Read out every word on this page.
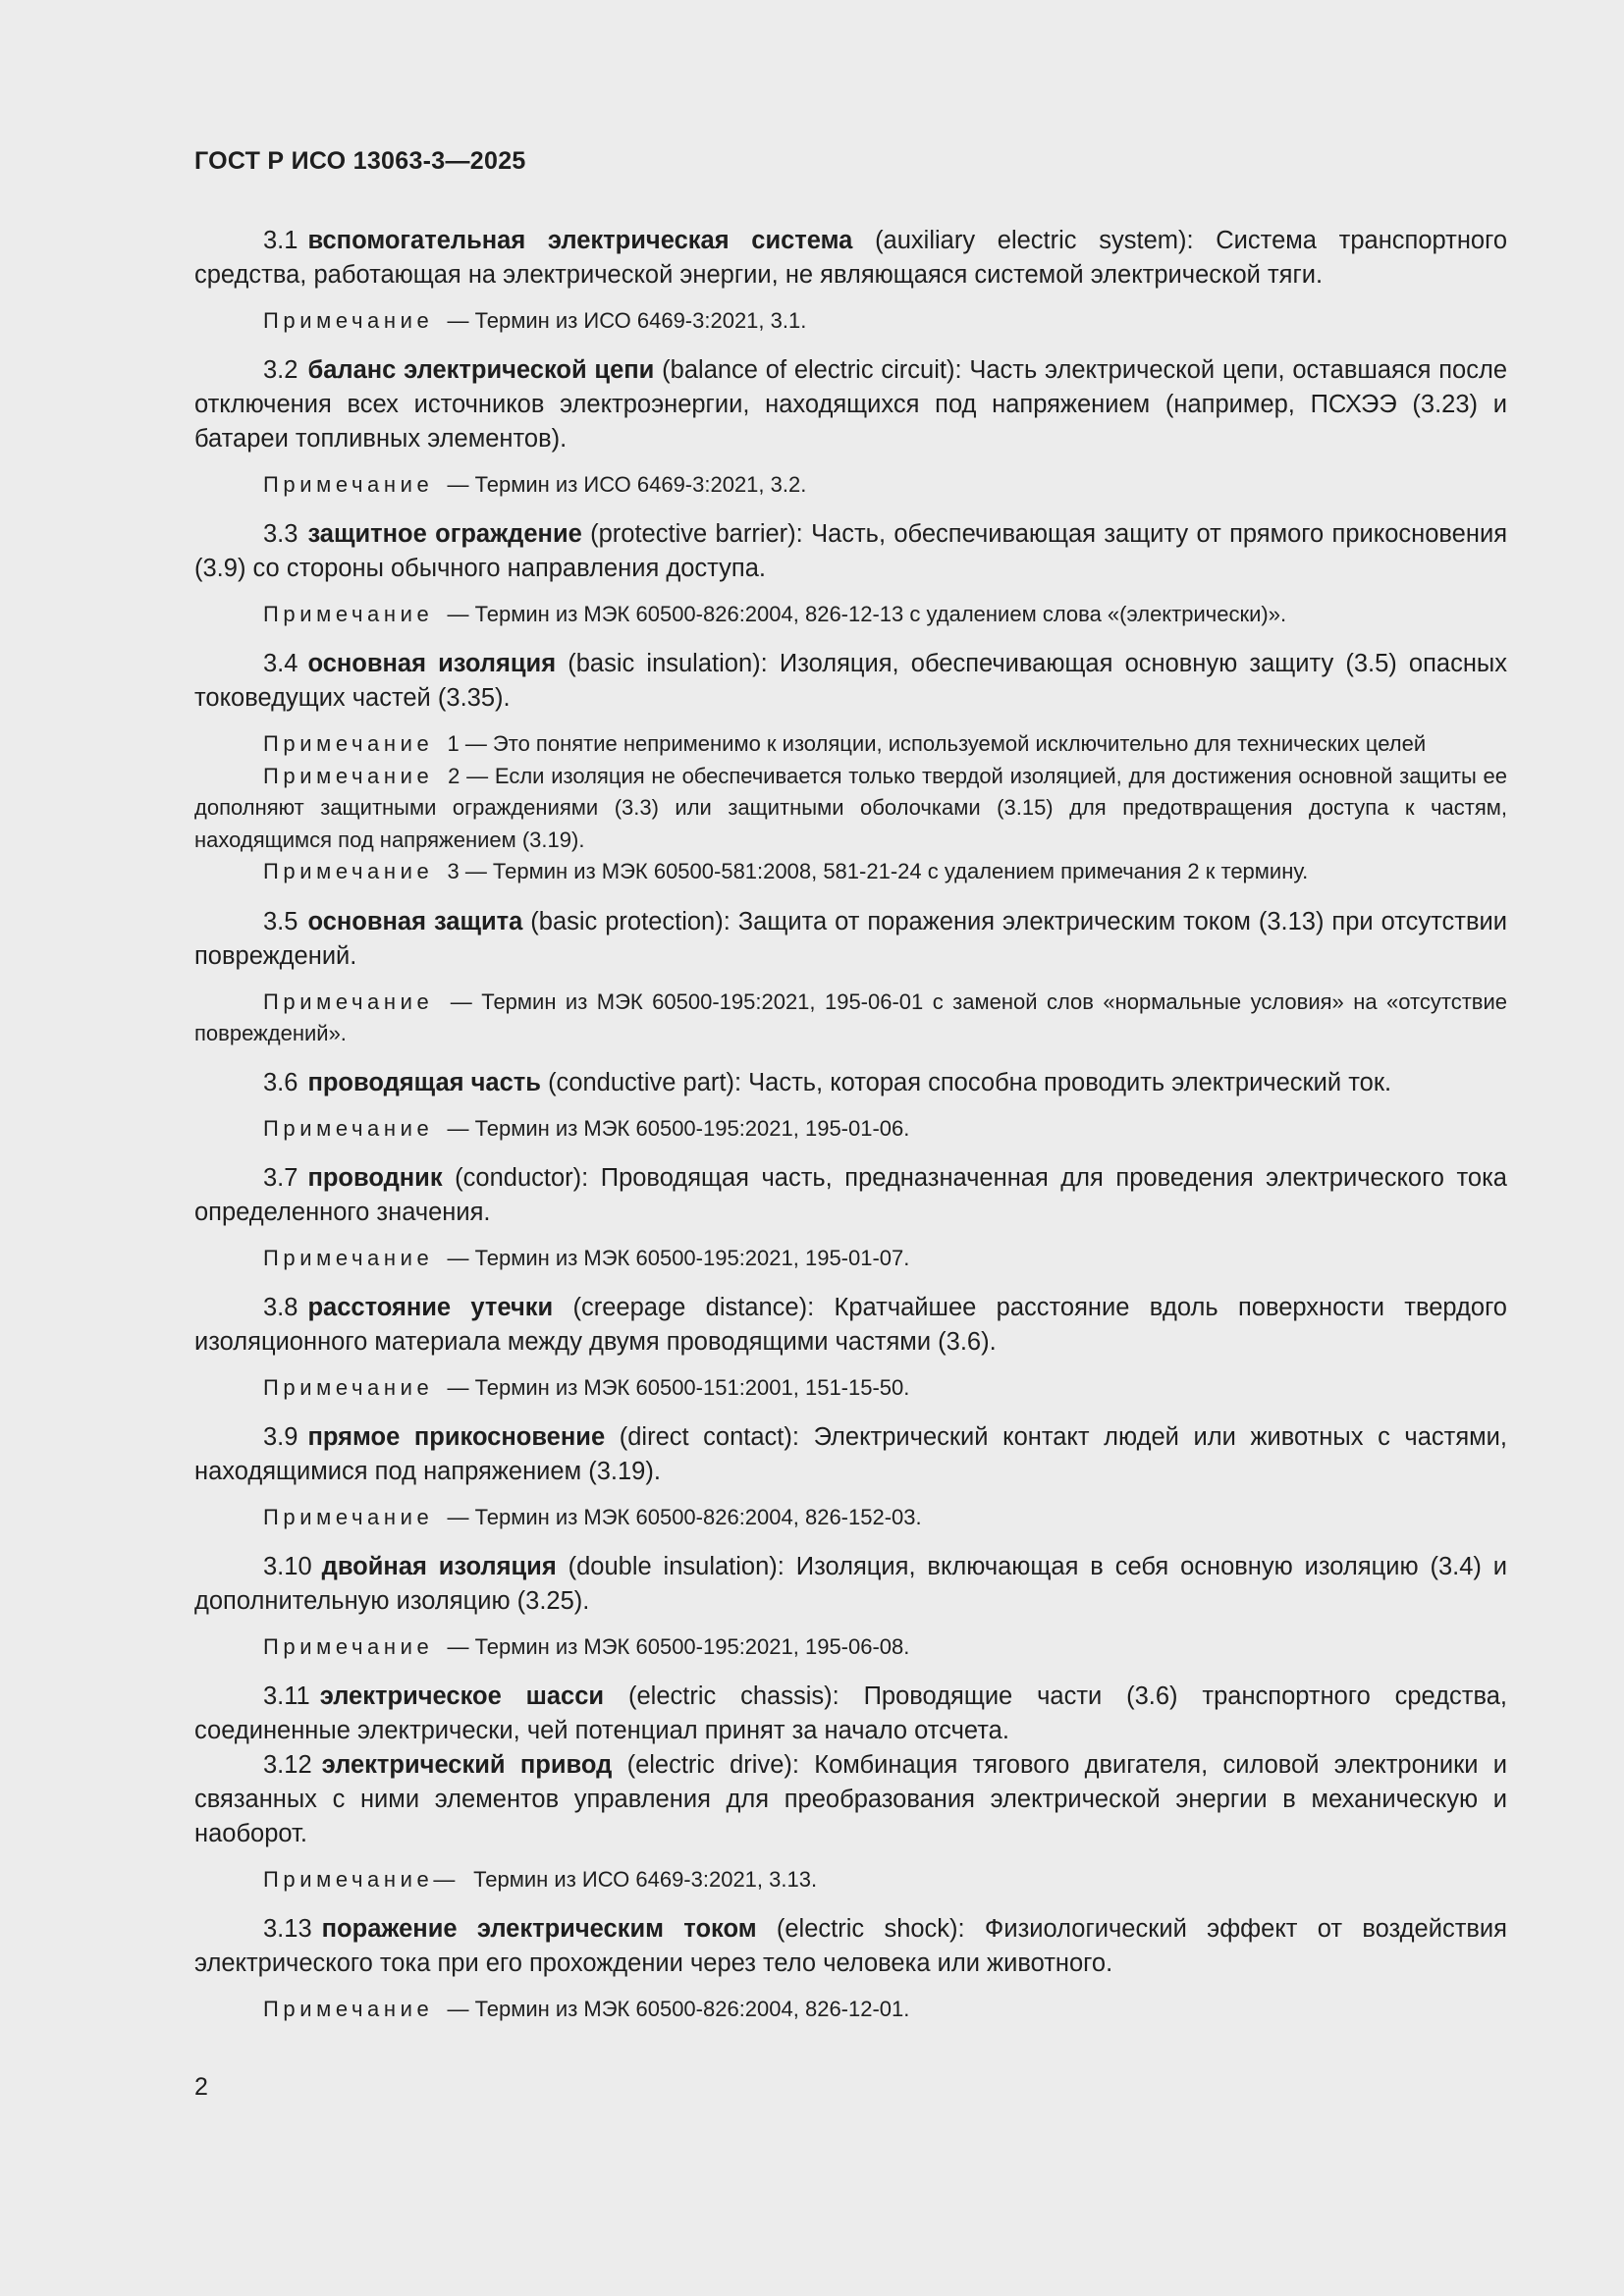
ГОСТ Р ИСО 13063-3—2025

3.1 вспомогательная электрическая система (auxiliary electric system): Система транспортного средства, работающая на электрической энергии, не являющаяся системой электрической тяги.

Примечание — Термин из ИСО 6469-3:2021, 3.1.

3.2 баланс электрической цепи (balance of electric circuit): Часть электрической цепи, оставшаяся после отключения всех источников электроэнергии, находящихся под напряжением (например, ПСХЭЭ (3.23) и батареи топливных элементов).

Примечание — Термин из ИСО 6469-3:2021, 3.2.

3.3 защитное ограждение (protective barrier): Часть, обеспечивающая защиту от прямого прикосновения (3.9) со стороны обычного направления доступа.

Примечание — Термин из МЭК 60500-826:2004, 826-12-13 с удалением слова «(электрически)».

3.4 основная изоляция (basic insulation): Изоляция, обеспечивающая основную защиту (3.5) опасных токоведущих частей (3.35).

Примечание 1 — Это понятие неприменимо к изоляции, используемой исключительно для технических целей

Примечание 2 — Если изоляция не обеспечивается только твердой изоляцией, для достижения основной защиты ее дополняют защитными ограждениями (3.3) или защитными оболочками (3.15) для предотвращения доступа к частям, находящимся под напряжением (3.19).

Примечание 3 — Термин из МЭК 60500-581:2008, 581-21-24 с удалением примечания 2 к термину.

3.5 основная защита (basic protection): Защита от поражения электрическим током (3.13) при отсутствии повреждений.

Примечание — Термин из МЭК 60500-195:2021, 195-06-01 с заменой слов «нормальные условия» на «отсутствие повреждений».

3.6 проводящая часть (conductive part): Часть, которая способна проводить электрический ток.

Примечание — Термин из МЭК 60500-195:2021, 195-01-06.

3.7 проводник (conductor): Проводящая часть, предназначенная для проведения электрического тока определенного значения.

Примечание — Термин из МЭК 60500-195:2021, 195-01-07.

3.8 расстояние утечки (creepage distance): Кратчайшее расстояние вдоль поверхности твердого изоляционного материала между двумя проводящими частями (3.6).

Примечание — Термин из МЭК 60500-151:2001, 151-15-50.

3.9 прямое прикосновение (direct contact): Электрический контакт людей или животных с частями, находящимися под напряжением (3.19).

Примечание — Термин из МЭК 60500-826:2004, 826-152-03.

3.10 двойная изоляция (double insulation): Изоляция, включающая в себя основную изоляцию (3.4) и дополнительную изоляцию (3.25).

Примечание — Термин из МЭК 60500-195:2021, 195-06-08.

3.11 электрическое шасси (electric chassis): Проводящие части (3.6) транспортного средства, соединенные электрически, чей потенциал принят за начало отсчета.

3.12 электрический привод (electric drive): Комбинация тягового двигателя, силовой электроники и связанных с ними элементов управления для преобразования электрической энергии в механическую и наоборот.

Примечание— Термин из ИСО 6469-3:2021, 3.13.

3.13 поражение электрическим током (electric shock): Физиологический эффект от воздействия электрического тока при его прохождении через тело человека или животного.

Примечание — Термин из МЭК 60500-826:2004, 826-12-01.

2
